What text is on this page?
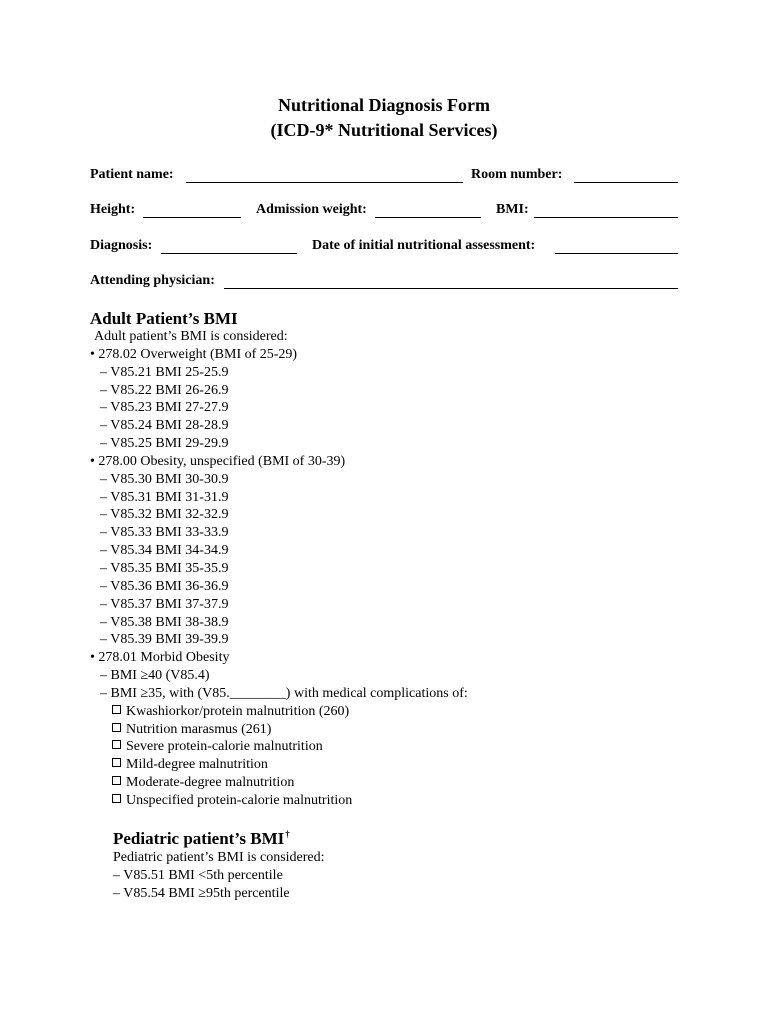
Nutritional Diagnosis Form
(ICD-9* Nutritional Services)
Patient name:	Room number:
Height:	Admission weight:	BMI:
Diagnosis:	Date of initial nutritional assessment:
Attending physician:
Adult Patient’s BMI
Adult patient’s BMI is considered:
• 278.02 Overweight (BMI of 25-29)
– V85.21 BMI 25-25.9
– V85.22 BMI 26-26.9
– V85.23 BMI 27-27.9
– V85.24 BMI 28-28.9
– V85.25 BMI 29-29.9
• 278.00 Obesity, unspecified (BMI of 30-39)
– V85.30 BMI 30-30.9
– V85.31 BMI 31-31.9
– V85.32 BMI 32-32.9
– V85.33 BMI 33-33.9
– V85.34 BMI 34-34.9
– V85.35 BMI 35-35.9
– V85.36 BMI 36-36.9
– V85.37 BMI 37-37.9
– V85.38 BMI 38-38.9
– V85.39 BMI 39-39.9
• 278.01 Morbid Obesity
– BMI ≥40 (V85.4)
– BMI ≥35, with (V85.________) with medical complications of:
Kwashiorkor/protein malnutrition (260)
Nutrition marasmus (261)
Severe protein-calorie malnutrition
Mild-degree malnutrition
Moderate-degree malnutrition
Unspecified protein-calorie malnutrition
Pediatric patient’s BMI†
Pediatric patient’s BMI is considered:
– V85.51 BMI <5th percentile
– V85.54 BMI ≥95th percentile
